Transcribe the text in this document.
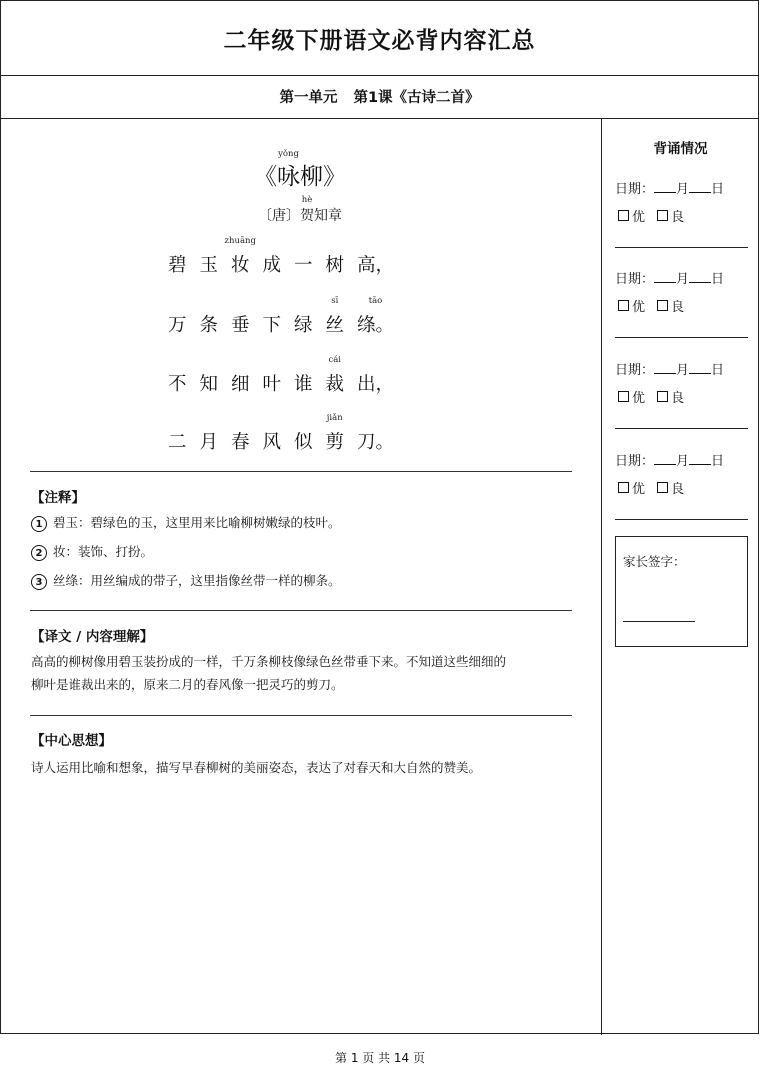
二年级下册语文必背内容汇总
第一单元 第1课《古诗二首》
《
yǒng
咏柳》
〔唐〕
hè
贺知章
碧 玉
zhuāng
妆 成 一 树 高，
万 条 垂 下 绿
sī
丝
tāo
绦。
不 知 细 叶 谁
cái
裁 出，
二 月 春 风 似
jiǎn
剪 刀。
【注释】
1 碧玉：碧绿色的玉，这里用来比喻柳树嫩绿的枝叶。
2 妆：装饰、打扮。
3 丝绦：用丝编成的带子，这里指像丝带一样的柳条。
【译文 / 内容理解】
高高的柳树像用碧玉装扮成的一样，千万条柳枝像绿色丝带垂下来。不知道这些细细的
柳叶是谁裁出来的，原来二月的春风像一把灵巧的剪刀。
【中心思想】
诗人运用比喻和想象，描写早春柳树的美丽姿态，表达了对春天和大自然的赞美。
背诵情况
日期： 月 日
优 良
日期： 月 日
优 良
日期： 月 日
优 良
日期： 月 日
优 良
家长签字：
第 1 页 共 14 页
